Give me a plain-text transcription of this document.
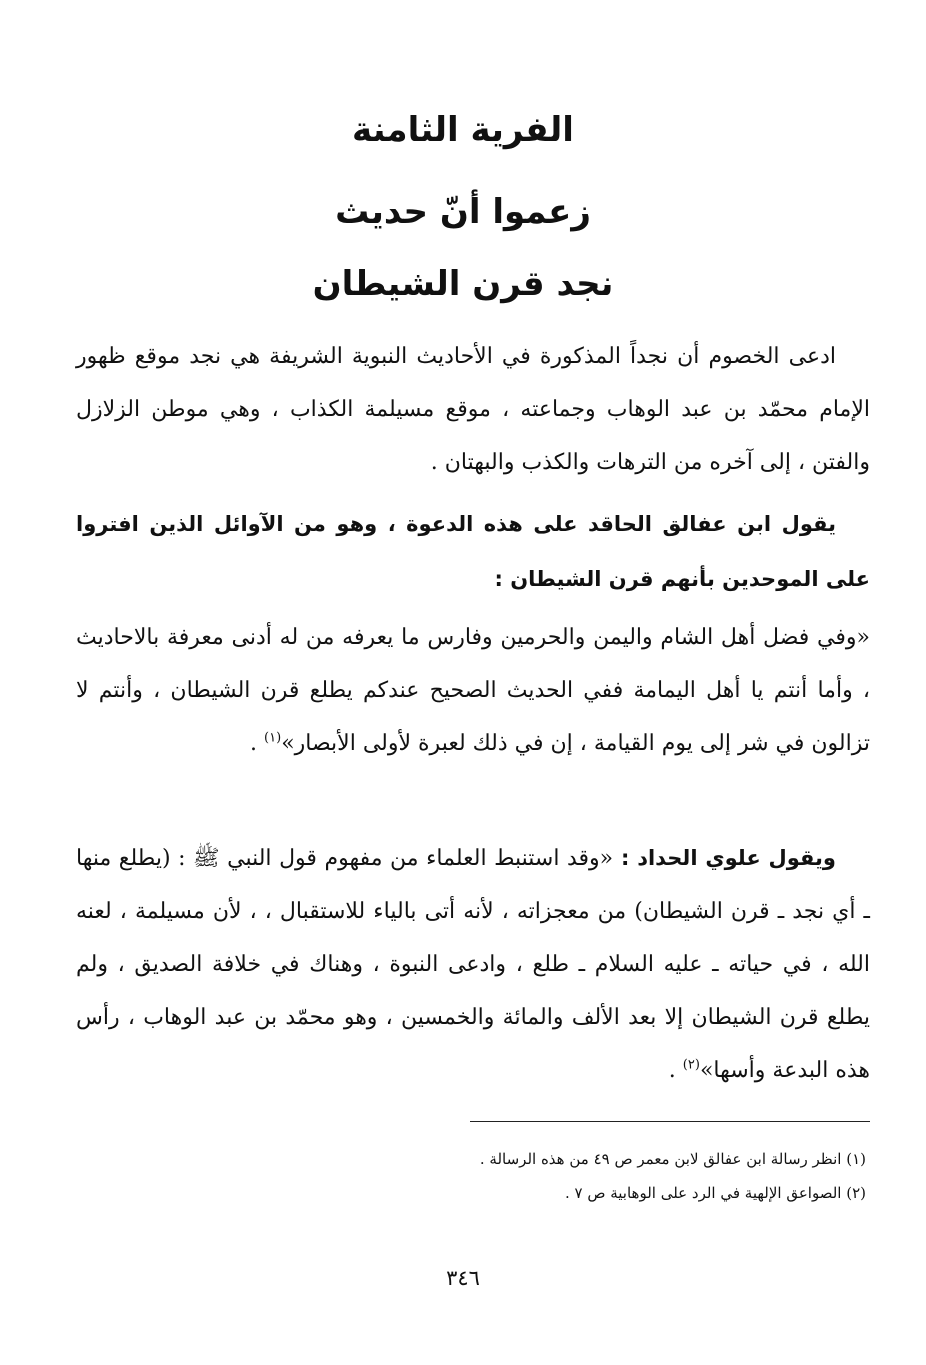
الفرية الثامنة
زعموا أنّ حديث
نجد قرن الشيطان

ادعى الخصوم أن نجداً المذكورة في الأحاديث النبوية الشريفة هي نجد موقع ظهور الإمام محمّد بن عبد الوهاب وجماعته ، موقع مسيلمة الكذاب ، وهي موطن الزلازل والفتن ، إلى آخره من الترهات والكذب والبهتان .

يقول ابن عفالق الحاقد على هذه الدعوة ، وهو من الآوائل الذين افتروا على الموحدين بأنهم قرن الشيطان :

«وفي فضل أهل الشام واليمن والحرمين وفارس ما يعرفه من له أدنى معرفة بالاحاديث ، وأما أنتم يا أهل اليمامة ففي الحديث الصحيح عندكم يطلع قرن الشيطان ، وأنتم لا تزالون في شر إلى يوم القيامة ، إن في ذلك لعبرة لأولى الأبصار»$^{(١)}$ .

ويقول علوي الحداد : «وقد استنبط العلماء من مفهوم قول النبي ﷺ : (يطلع منها ـ أي نجد ـ قرن الشيطان) من معجزاته ، لأنه أتى بالياء للاستقبال ، ، لأن مسيلمة ، لعنه الله ، في حياته ـ عليه السلام ـ طلع ، وادعى النبوة ، وهناك في خلافة الصديق ، ولم يطلع قرن الشيطان إلا بعد الألف والمائة والخمسين ، وهو محمّد بن عبد الوهاب ، رأس هذه البدعة وأسها»$^{(٢)}$ .

(١) انظر رسالة ابن عفالق لابن معمر ص ٤٩ من هذه الرسالة .
(٢) الصواعق الإلهية في الرد على الوهابية ص ٧ .

٣٤٦
